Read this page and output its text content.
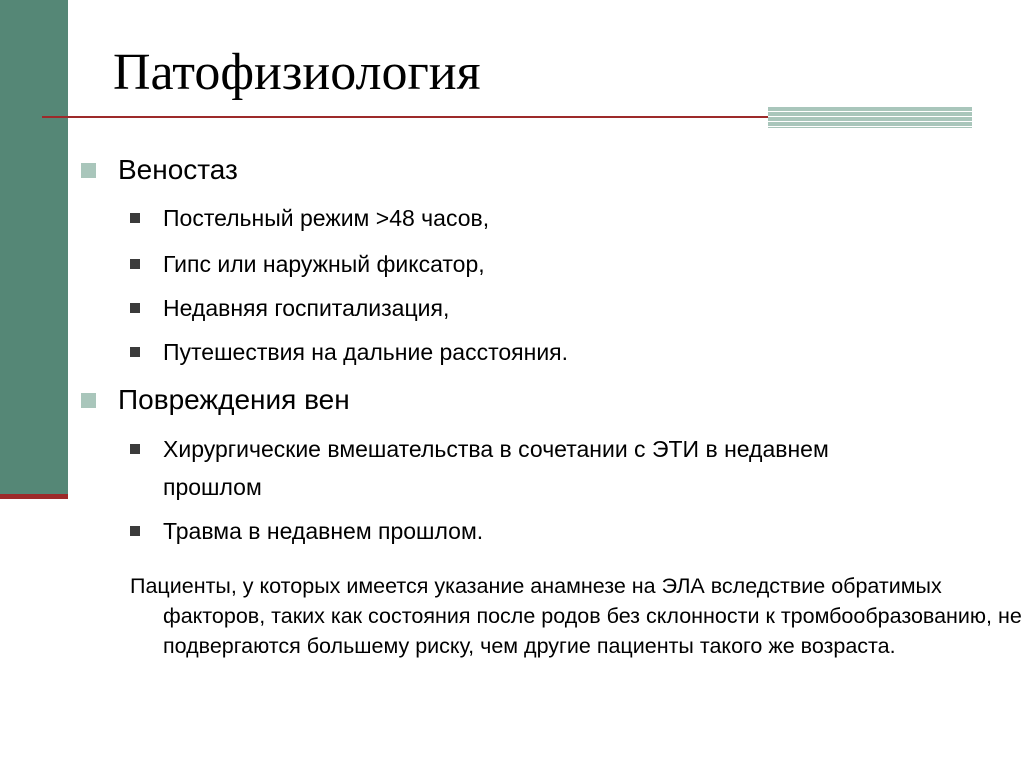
Патофизиология
Веностаз
Постельный режим >48 часов,
Гипс или наружный фиксатор,
Недавняя госпитализация,
Путешествия на дальние расстояния.
Повреждения вен
Хирургические вмешательства в сочетании с ЭТИ в недавнем
прошлом
Травма в недавнем прошлом.
Пациенты, у которых имеется указание анамнезе на ЭЛА вследствие обратимых факторов, таких как состояния после родов без склонности к тромбообразованию, не подвергаются большему риску, чем другие пациенты такого же возраста.
